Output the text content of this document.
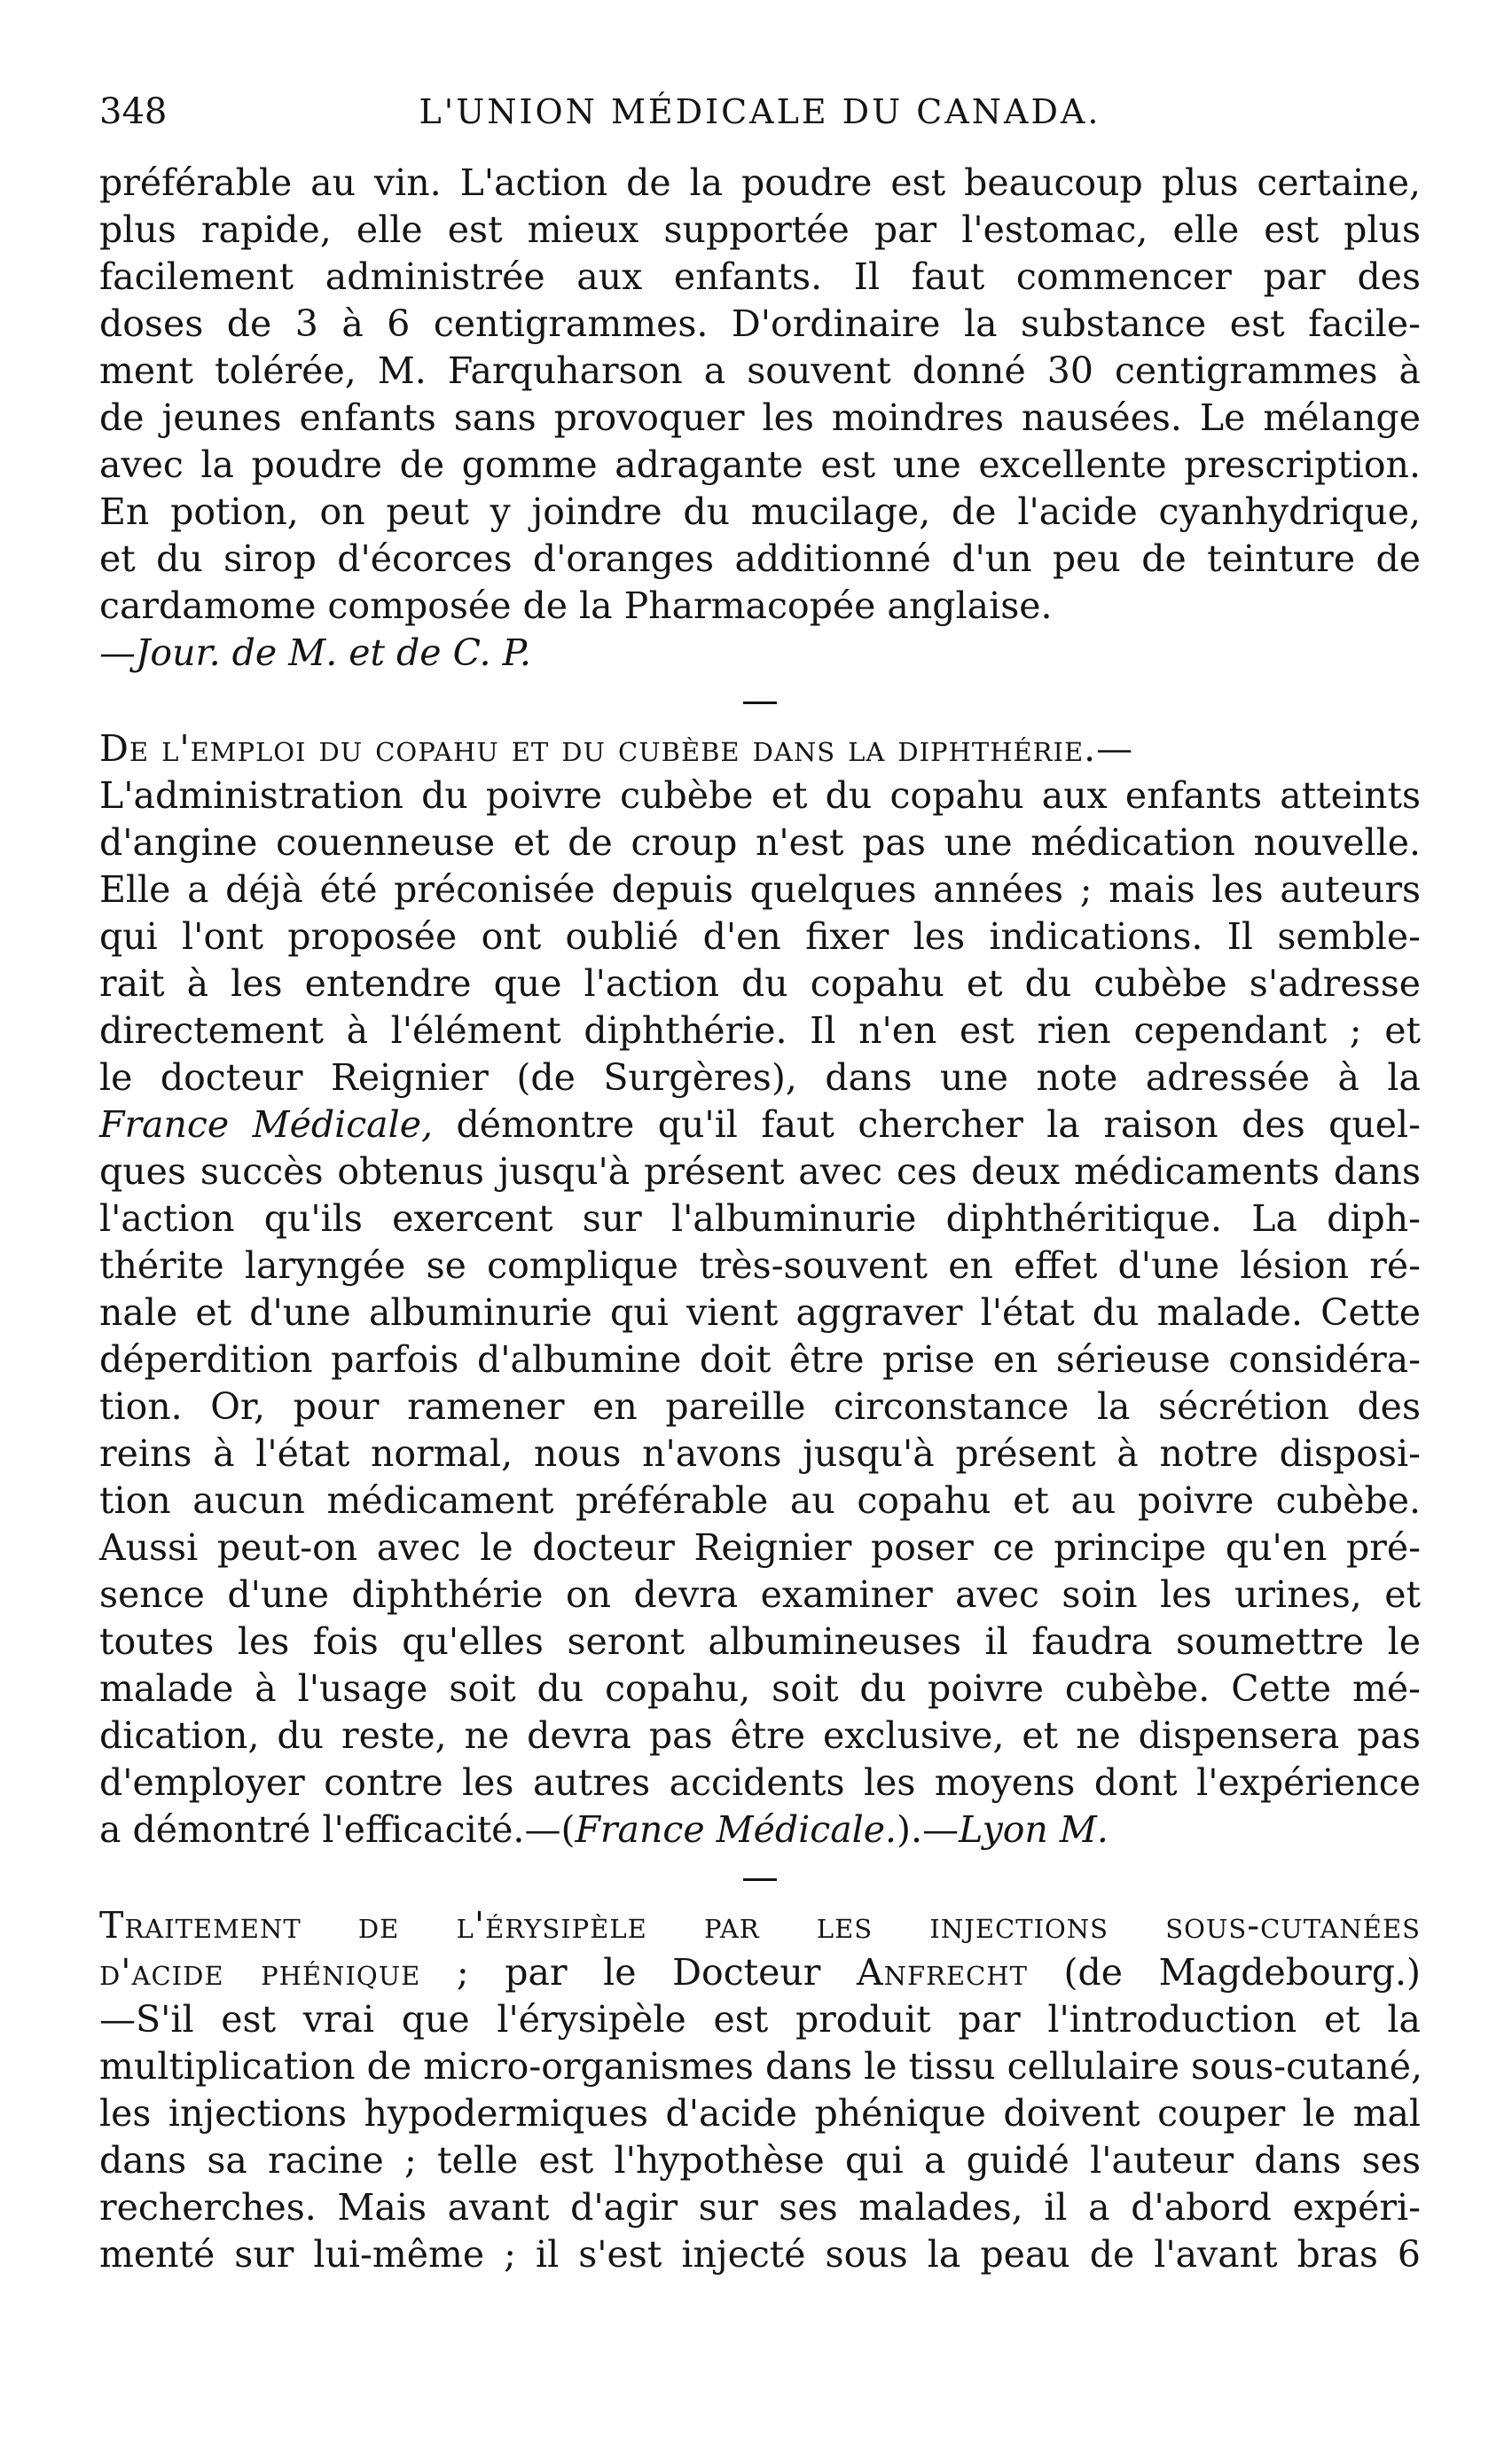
348	L'UNION MÉDICALE DU CANADA.
préférable au vin. L'action de la poudre est beaucoup plus certaine,
plus rapide, elle est mieux supportée par l'estomac, elle est plus
facilement administrée aux enfants. Il faut commencer par des
doses de 3 à 6 centigrammes. D'ordinaire la substance est facile-
ment tolérée, M. Farquharson a souvent donné 30 centigrammes à
de jeunes enfants sans provoquer les moindres nausées. Le mélange
avec la poudre de gomme adragante est une excellente prescription.
En potion, on peut y joindre du mucilage, de l'acide cyanhydrique,
et du sirop d'écorces d'oranges additionné d'un peu de teinture de
cardamome composée de la Pharmacopée anglaise.
—Jour. de M. et de C. P.
De l'emploi du copahu et du cubèbe dans la diphthérie.—
L'administration du poivre cubèbe et du copahu aux enfants atteints
d'angine couenneuse et de croup n'est pas une médication nouvelle.
Elle a déjà été préconisée depuis quelques années ; mais les auteurs
qui l'ont proposée ont oublié d'en fixer les indications. Il semble-
rait à les entendre que l'action du copahu et du cubèbe s'adresse
directement à l'élément diphthérie. Il n'en est rien cependant ; et
le docteur Reignier (de Surgères), dans une note adressée à la
France Médicale, démontre qu'il faut chercher la raison des quel-
ques succès obtenus jusqu'à présent avec ces deux médicaments dans
l'action qu'ils exercent sur l'albuminurie diphthéritique. La diph-
thérite laryngée se complique très-souvent en effet d'une lésion ré-
nale et d'une albuminurie qui vient aggraver l'état du malade. Cette
déperdition parfois d'albumine doit être prise en sérieuse considéra-
tion. Or, pour ramener en pareille circonstance la sécrétion des
reins à l'état normal, nous n'avons jusqu'à présent à notre disposi-
tion aucun médicament préférable au copahu et au poivre cubèbe.
Aussi peut-on avec le docteur Reignier poser ce principe qu'en pré-
sence d'une diphthérie on devra examiner avec soin les urines, et
toutes les fois qu'elles seront albumineuses il faudra soumettre le
malade à l'usage soit du copahu, soit du poivre cubèbe. Cette mé-
dication, du reste, ne devra pas être exclusive, et ne dispensera pas
d'employer contre les autres accidents les moyens dont l'expérience
a démontré l'efficacité.—(France Médicale.).—Lyon M.
Traitement de l'érysipèle par les injections sous-cutanées
d'acide phénique ; par le Docteur Anfrecht (de Magdebourg.)
—S'il est vrai que l'érysipèle est produit par l'introduction et la
multiplication de micro-organismes dans le tissu cellulaire sous-cutané,
les injections hypodermiques d'acide phénique doivent couper le mal
dans sa racine ; telle est l'hypothèse qui a guidé l'auteur dans ses
recherches. Mais avant d'agir sur ses malades, il a d'abord expéri-
menté sur lui-même ; il s'est injecté sous la peau de l'avant bras 6
